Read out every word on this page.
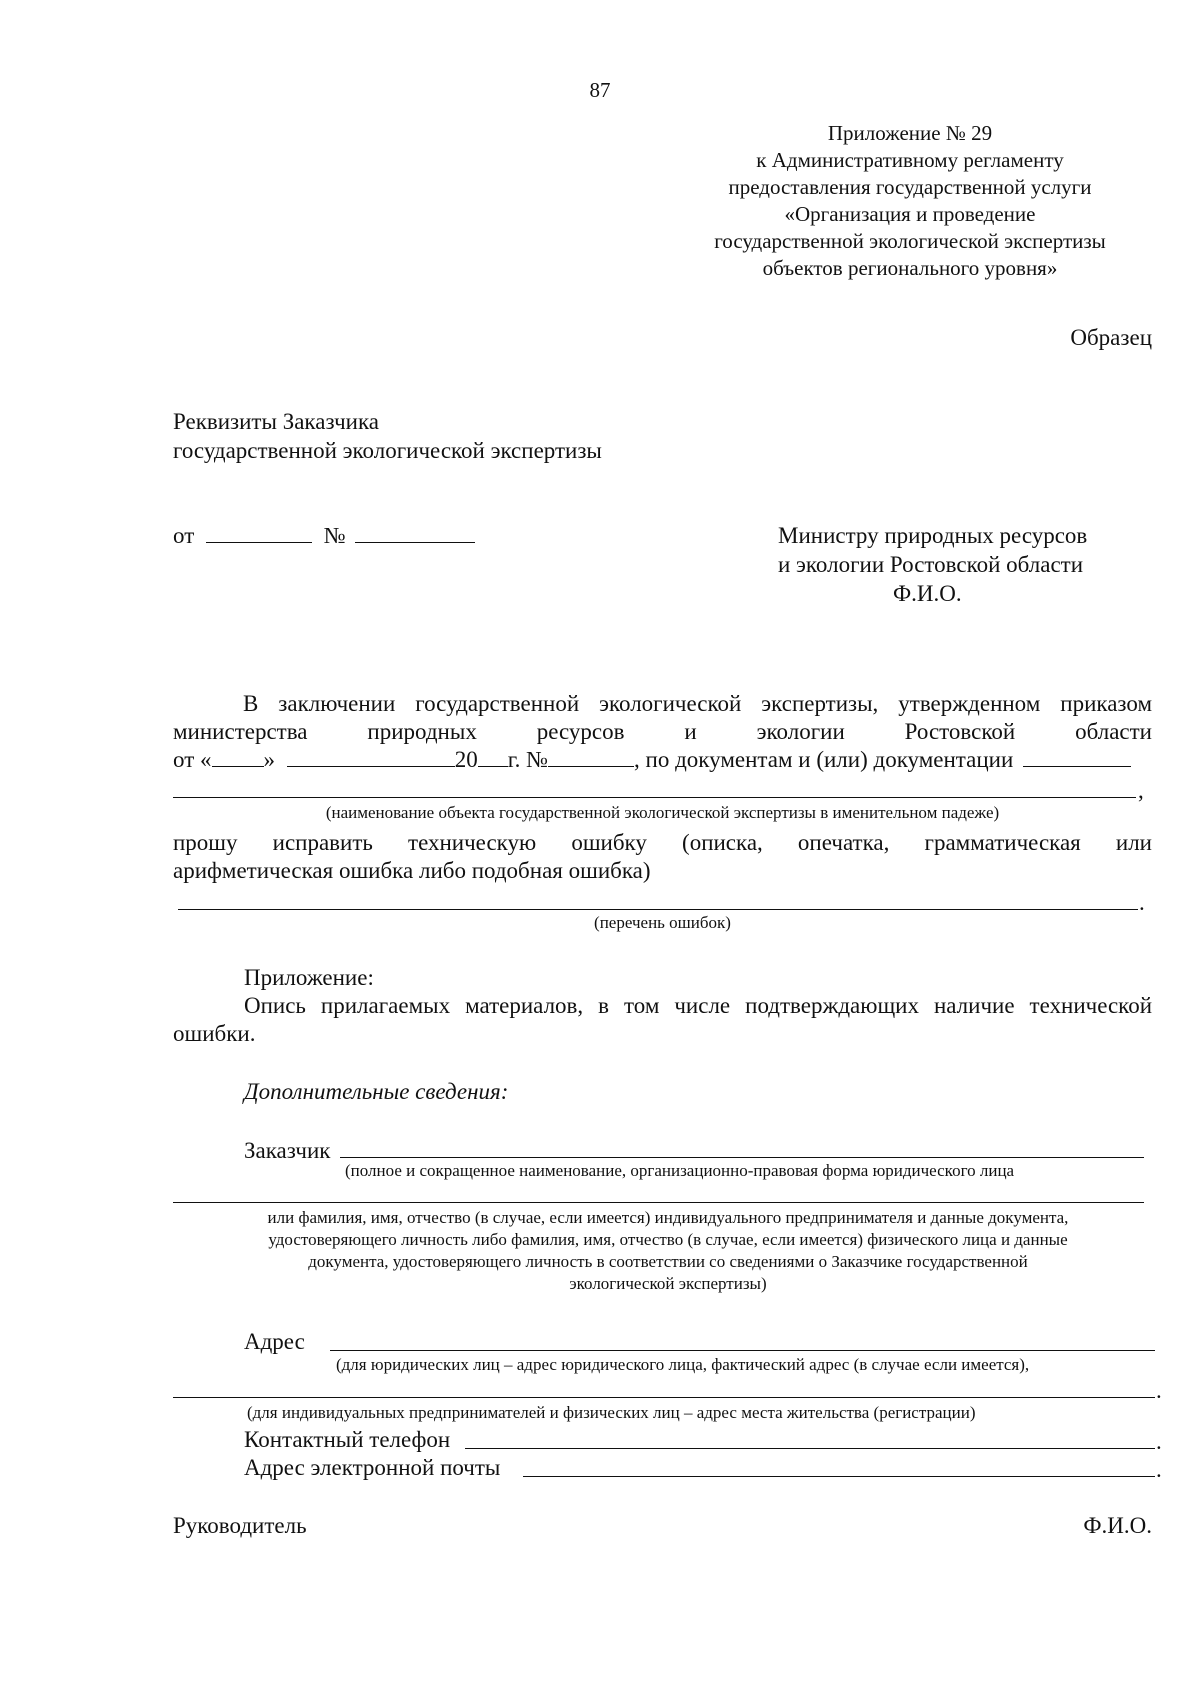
87
Приложение № 29
к Административному регламенту
предоставления государственной услуги
«Организация и проведение
государственной экологической экспертизы
объектов регионального уровня»
Образец
Реквизиты Заказчика
государственной экологической экспертизы
от	№	Министру природных ресурсов
и экологии Ростовской области
Ф.И.О.
В заключении государственной экологической экспертизы, утвержденном приказом
министерства природных ресурсов и экологии Ростовской области
от « »	20 г. №	, по документам и (или) документации
,
(наименование объекта государственной экологической экспертизы в именительном падеже)
прошу исправить техническую ошибку (описка, опечатка, грамматическая или
арифметическая ошибка либо подобная ошибка)
.
(перечень ошибок)
Приложение:
Опись прилагаемых материалов, в том числе подтверждающих наличие технической
ошибки.
Дополнительные сведения:
Заказчик
(полное и сокращенное наименование, организационно-правовая форма юридического лица
или фамилия, имя, отчество (в случае, если имеется) индивидуального предпринимателя и данные документа,
удостоверяющего личность либо фамилия, имя, отчество (в случае, если имеется) физического лица и данные
документа, удостоверяющего личность в соответствии со сведениями о Заказчике государственной
экологической экспертизы)
Адрес
(для юридических лиц – адрес юридического лица, фактический адрес (в случае если имеется),
.
(для индивидуальных предпринимателей и физических лиц – адрес места жительства (регистрации)
Контактный телефон	.
Адрес электронной почты	.
Руководитель	Ф.И.О.
